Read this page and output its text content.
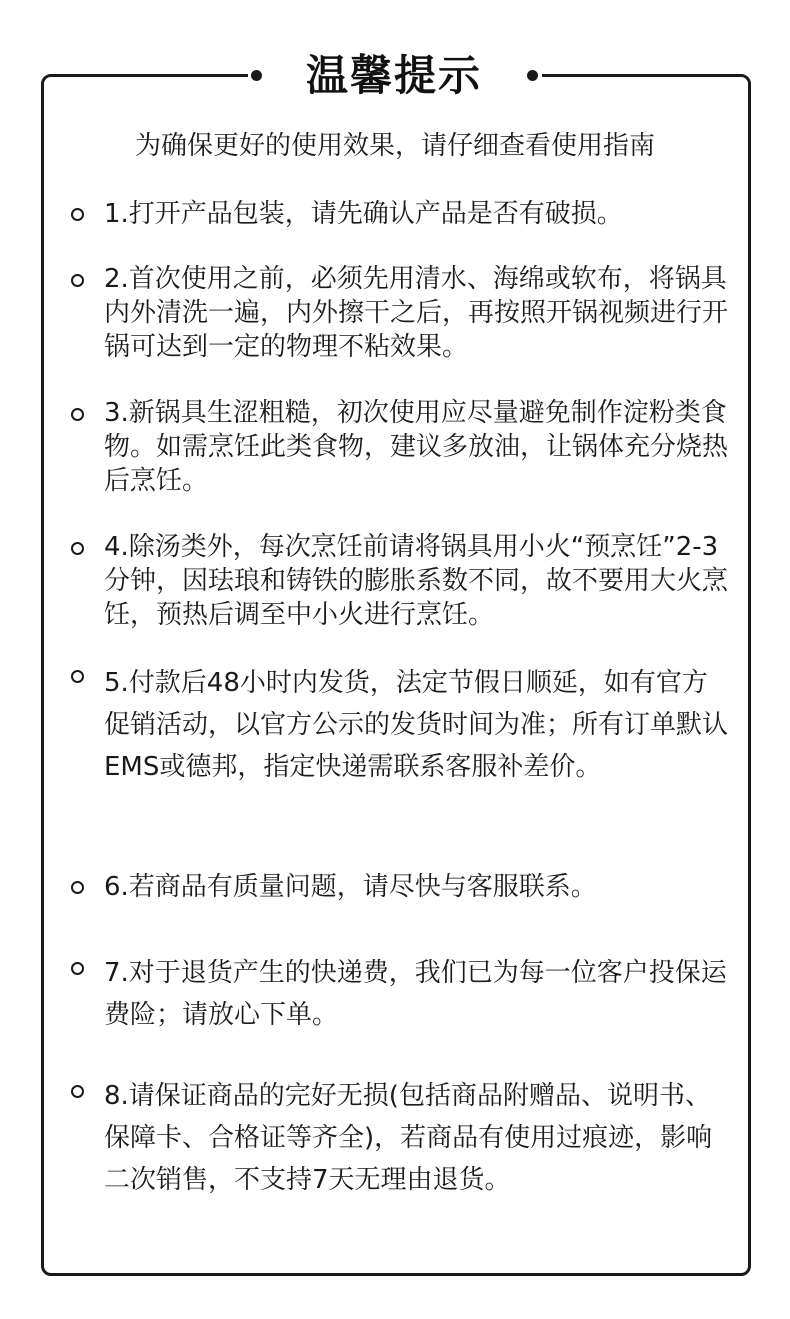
温馨提示
为确保更好的使用效果，请仔细查看使用指南
1.打开产品包装，请先确认产品是否有破损。
2.首次使用之前，必须先用清水、海绵或软布，将锅具内外清洗一遍，内外擦干之后，再按照开锅视频进行开锅可达到一定的物理不粘效果。
3.新锅具生涩粗糙，初次使用应尽量避免制作淀粉类食物。如需烹饪此类食物，建议多放油，让锅体充分烧热后烹饪。
4.除汤类外，每次烹饪前请将锅具用小火“预烹饪”2-3分钟，因珐琅和铸铁的膨胀系数不同，故不要用大火烹饪，预热后调至中小火进行烹饪。
5.付款后48小时内发货，法定节假日顺延，如有官方促销活动，以官方公示的发货时间为准；所有订单默认EMS或德邦，指定快递需联系客服补差价。
6.若商品有质量问题，请尽快与客服联系。
7.对于退货产生的快递费，我们已为每一位客户投保运费险；请放心下单。
8.请保证商品的完好无损(包括商品附赠品、说明书、保障卡、合格证等齐全)，若商品有使用过痕迹，影响二次销售，不支持7天无理由退货。
